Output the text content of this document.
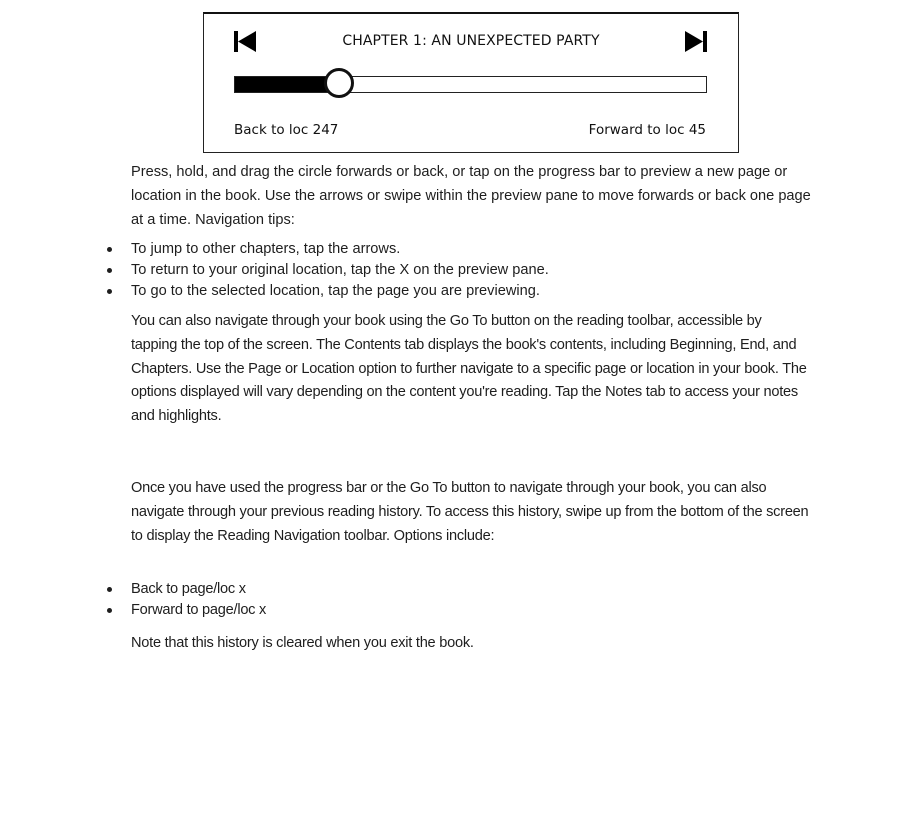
CHAPTER 1: AN UNEXPECTED PARTY
Back to loc 247	Forward to loc 45

Press, hold, and drag the circle forwards or back, or tap on the progress bar to preview a new page or location in the book. Use the arrows or swipe within the preview pane to move forwards or back one page at a time. Navigation tips:

To jump to other chapters, tap the arrows.
To return to your original location, tap the X on the preview pane.
To go to the selected location, tap the page you are previewing.

You can also navigate through your book using the Go To button on the reading toolbar, accessible by tapping the top of the screen. The Contents tab displays the book's contents, including Beginning, End, and Chapters. Use the Page or Location option to further navigate to a specific page or location in your book. The options displayed will vary depending on the content you're reading. Tap the Notes tab to access your notes and highlights.

Once you have used the progress bar or the Go To button to navigate through your book, you can also navigate through your previous reading history. To access this history, swipe up from the bottom of the screen to display the Reading Navigation toolbar. Options include:

Back to page/loc x
Forward to page/loc x

Note that this history is cleared when you exit the book.
